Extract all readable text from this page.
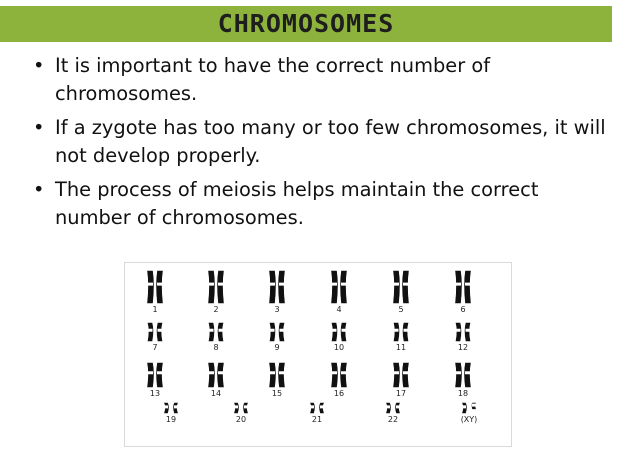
CHROMOSOMES
• It is important to have the correct number of chromosomes.
• If a zygote has too many or too few chromosomes, it will not develop properly.
• The process of meiosis helps maintain the correct number of chromosomes.
1	2	3	4	5	6
7	8	9	10	11	12
13	14	15	16	17	18
19	20	21	22	(XY)
